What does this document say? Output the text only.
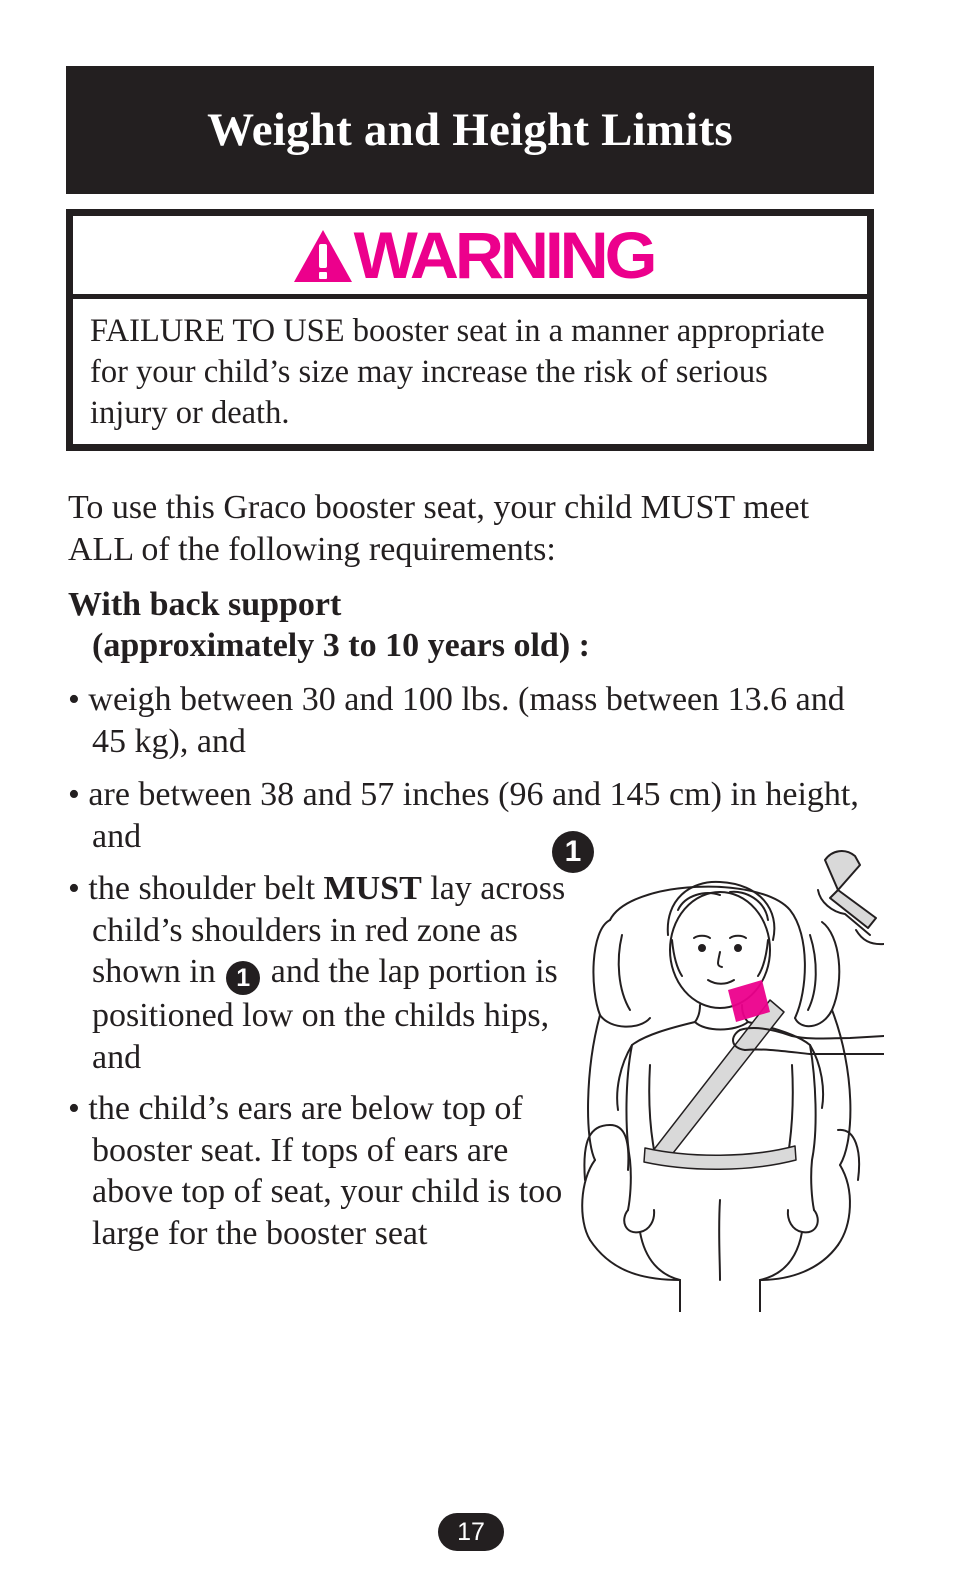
Weight and Height Limits
WARNING

FAILURE TO USE booster seat in a manner appropriate for your child’s size may increase the risk of serious injury or death.

To use this Graco booster seat, your child MUST meet ALL of the following requirements:

With back support
(approximately 3 to 10 years old) :

• weigh between 30 and 100 lbs. (mass between 13.6 and 45 kg), and

• are between 38 and 57 inches (96 and 145 cm) in height, and

• the shoulder belt MUST lay across child’s shoulders in red zone as shown in 1 and the lap portion is positioned low on the childs hips, and

• the child’s ears are below top of booster seat. If tops of ears are above top of seat, your child is too large for the booster seat

1
17
